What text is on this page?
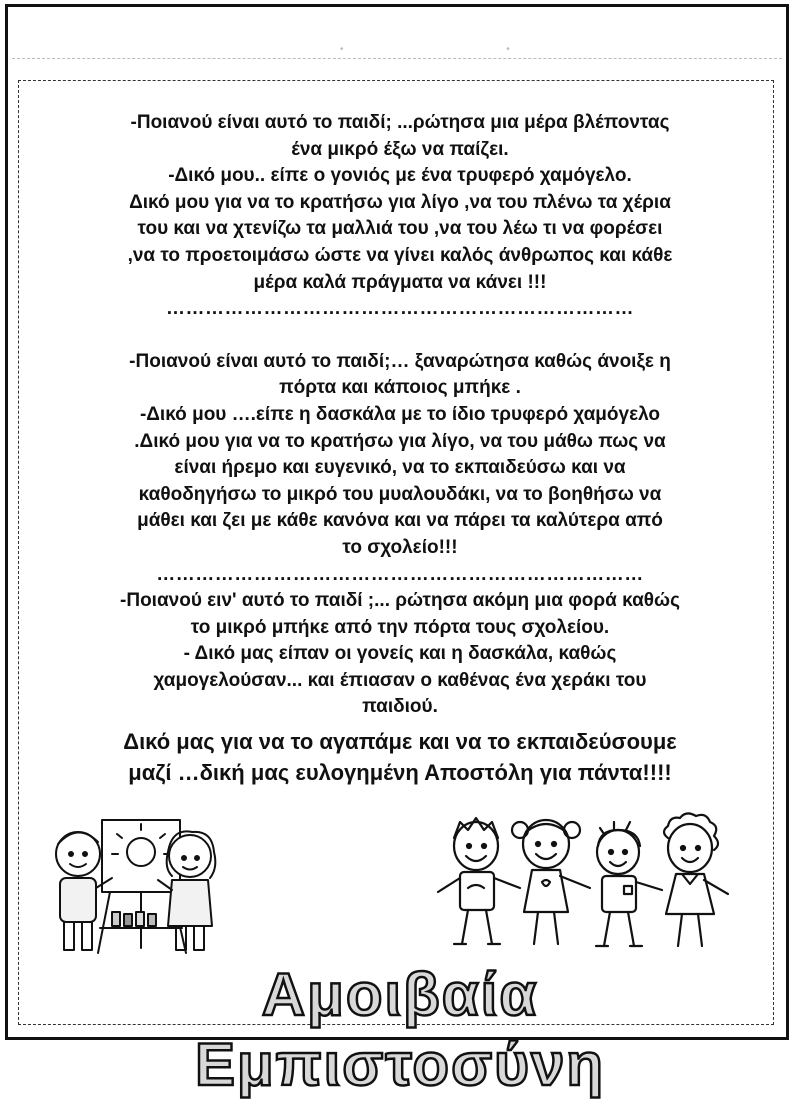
• •
-Ποιανού είναι αυτό το παιδί; ...ρώτησα μια μέρα βλέποντας
ένα μικρό έξω να παίζει.
-Δικό μου.. είπε ο γονιός με ένα τρυφερό χαμόγελο.
Δικό μου για να το κρατήσω για λίγο ,να του πλένω τα χέρια
του και να χτενίζω τα μαλλιά του ,να του λέω τι να φορέσει
,να το προετοιμάσω ώστε να γίνει καλός άνθρωπος και κάθε
μέρα καλά πράγματα να κάνει !!!
………………………………………………………………
-Ποιανού είναι αυτό το παιδί;… ξαναρώτησα καθώς άνοιξε η
πόρτα και κάποιος μπήκε .
-Δικό μου ….είπε η δασκάλα με το ίδιο τρυφερό χαμόγελο
.Δικό μου για να το κρατήσω για λίγο, να του μάθω πως να
είναι ήρεμο και ευγενικό, να το εκπαιδεύσω και να
καθοδηγήσω το μικρό του μυαλουδάκι, να το βοηθήσω να
μάθει και ζει με κάθε κανόνα και να πάρει τα καλύτερα από
το σχολείο!!!
…………………………………………………………………
-Ποιανού ειν' αυτό το παιδί ;... ρώτησα ακόμη μια φορά καθώς
το μικρό μπήκε από την πόρτα τους σχολείου.
- Δικό μας είπαν οι γονείς και η δασκάλα, καθώς
χαμογελούσαν... και έπιασαν ο καθένας ένα χεράκι του
παιδιού.
Δικό μας για να το αγαπάμε και να το εκπαιδεύσουμε
μαζί …δική μας ευλογημένη Αποστόλη για πάντα!!!!
Αμοιβαία Εμπιστοσύνη
